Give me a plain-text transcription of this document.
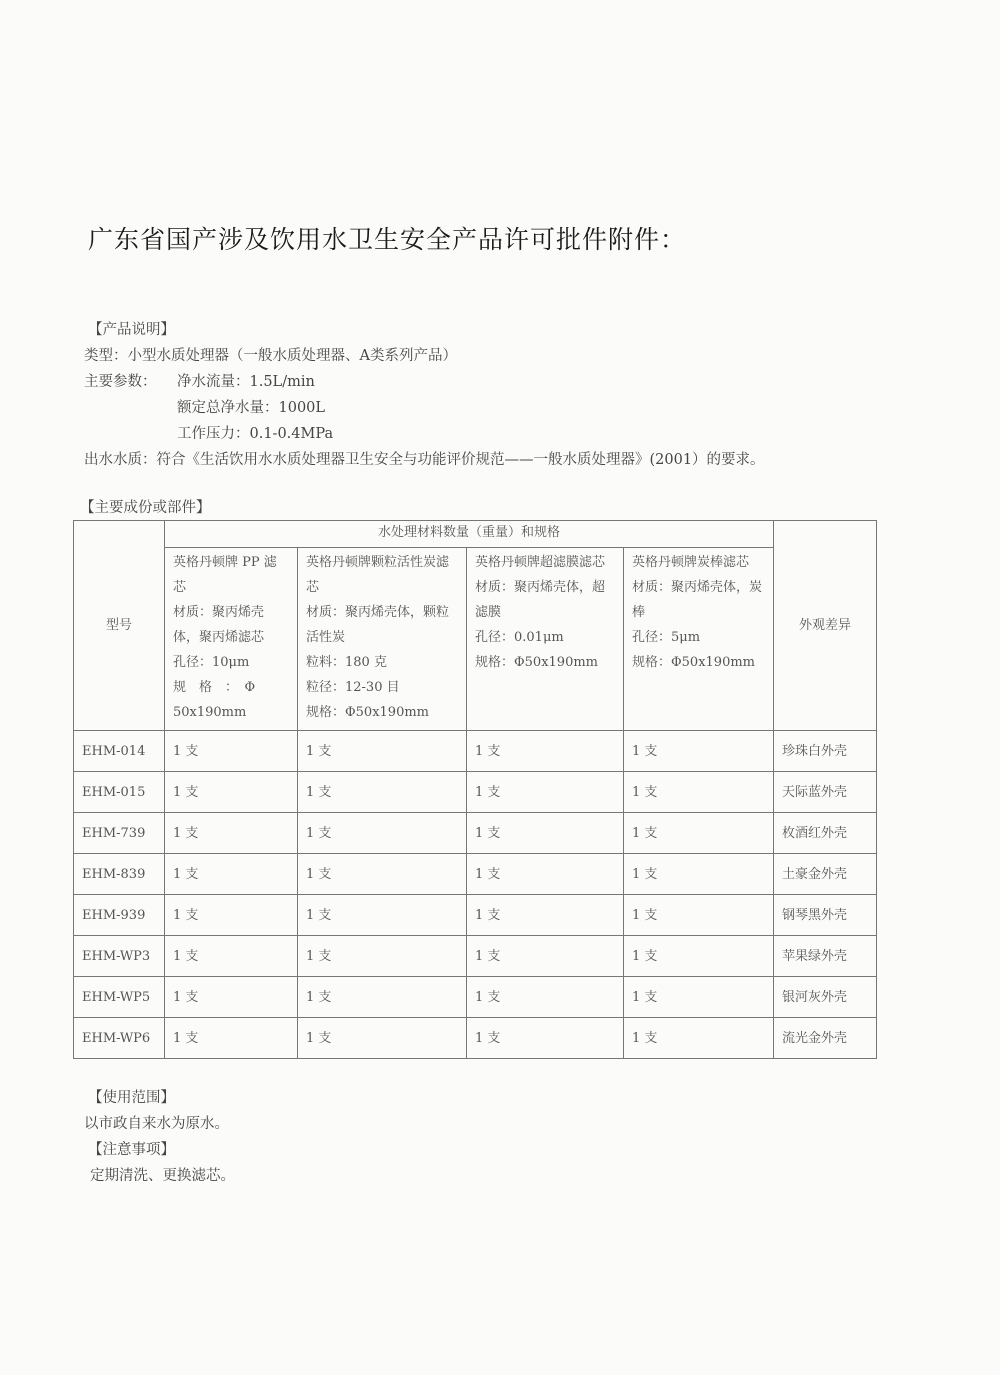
广东省国产涉及饮用水卫生安全产品许可批件附件：
【产品说明】
类型：小型水质处理器（一般水质处理器、A类系列产品）
主要参数： 净水流量：1.5L/min
额定总净水量：1000L
工作压力：0.1-0.4MPa
出水水质：符合《生活饮用水水质处理器卫生安全与功能评价规范——一般水质处理器》(2001）的要求。
【主要成份或部件】
型号	水处理材料数量（重量）和规格				外观差异
	英格丹顿牌 PP 滤芯
材质：聚丙烯壳体，聚丙烯滤芯
孔径：10μm
规　格　：　Φ 50x190mm	英格丹顿牌颗粒活性炭滤芯
材质：聚丙烯壳体，颗粒活性炭
粒料：180 克
粒径：12-30 目
规格：Φ50x190mm	英格丹顿牌超滤膜滤芯
材质：聚丙烯壳体，超滤膜
孔径：0.01μm
规格：Φ50x190mm	英格丹顿牌炭棒滤芯
材质：聚丙烯壳体，炭棒
孔径：5μm
规格：Φ50x190mm	
EHM-014	1 支	1 支	1 支	1 支	珍珠白外壳
EHM-015	1 支	1 支	1 支	1 支	天际蓝外壳
EHM-739	1 支	1 支	1 支	1 支	枚酒红外壳
EHM-839	1 支	1 支	1 支	1 支	土豪金外壳
EHM-939	1 支	1 支	1 支	1 支	钢琴黑外壳
EHM-WP3	1 支	1 支	1 支	1 支	苹果绿外壳
EHM-WP5	1 支	1 支	1 支	1 支	银河灰外壳
EHM-WP6	1 支	1 支	1 支	1 支	流光金外壳
【使用范围】
以市政自来水为原水。
【注意事项】
定期清洗、更换滤芯。
